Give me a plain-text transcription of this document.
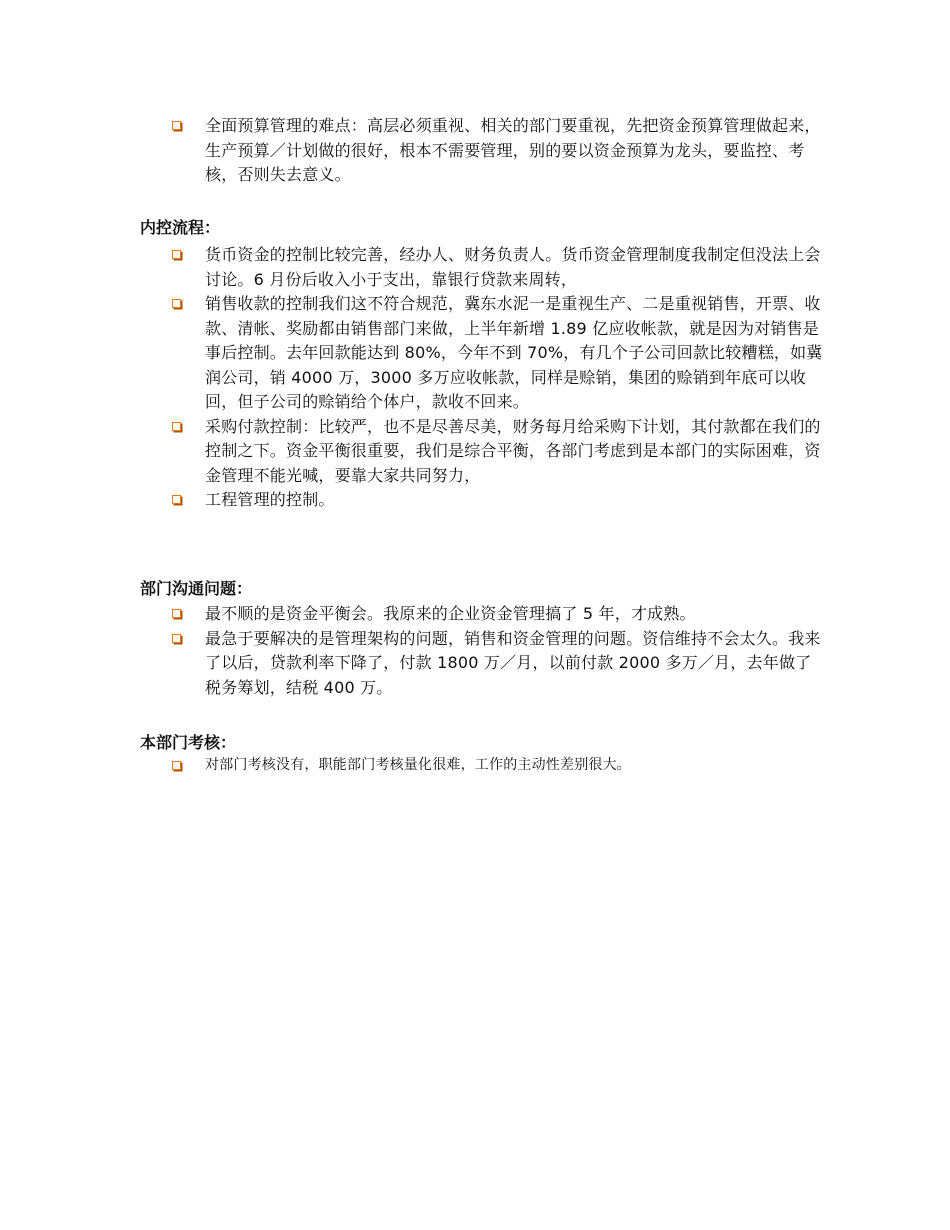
全面预算管理的难点：高层必须重视、相关的部门要重视，先把资金预算管理做起来，生产预算／计划做的很好，根本不需要管理，别的要以资金预算为龙头，要监控、考核，否则失去意义。
内控流程：
货币资金的控制比较完善，经办人、财务负责人。货币资金管理制度我制定但没法上会讨论。6 月份后收入小于支出，靠银行贷款来周转，
销售收款的控制我们这不符合规范，冀东水泥一是重视生产、二是重视销售，开票、收款、清帐、奖励都由销售部门来做，上半年新增 1.89 亿应收帐款，就是因为对销售是事后控制。去年回款能达到 80%，今年不到 70%，有几个子公司回款比较糟糕，如冀润公司，销 4000 万，3000 多万应收帐款，同样是赊销，集团的赊销到年底可以收回，但子公司的赊销给个体户，款收不回来。
采购付款控制：比较严，也不是尽善尽美，财务每月给采购下计划，其付款都在我们的控制之下。资金平衡很重要，我们是综合平衡，各部门考虑到是本部门的实际困难，资金管理不能光喊，要靠大家共同努力，
工程管理的控制。
部门沟通问题：
最不顺的是资金平衡会。我原来的企业资金管理搞了 5 年，才成熟。
最急于要解决的是管理架构的问题，销售和资金管理的问题。资信维持不会太久。我来了以后，贷款利率下降了，付款 1800 万／月，以前付款 2000 多万／月，去年做了税务筹划，结税 400 万。
本部门考核：
对部门考核没有，职能部门考核量化很难，工作的主动性差别很大。
